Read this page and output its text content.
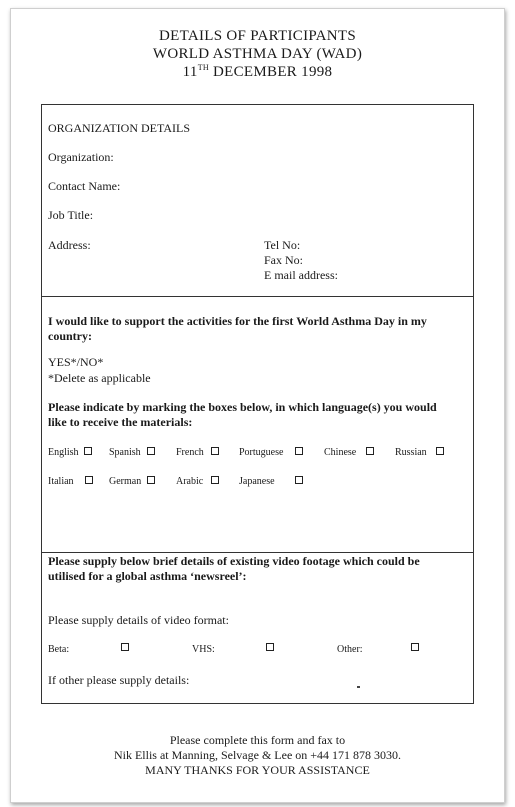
DETAILS OF PARTICIPANTS
WORLD ASTHMA DAY (WAD)
11TH DECEMBER 1998
ORGANIZATION DETAILS
Organization:
Contact Name:
Job Title:
Address:	Tel No:
Fax No:
E mail address:
I would like to support the activities for the first World Asthma Day in my
country:
YES*/NO*
*Delete as applicable
Please indicate by marking the boxes below, in which language(s) you would
like to receive the materials:
English	Spanish	French	Portuguese	Chinese	Russian
Italian	German	Arabic	Japanese
Please supply below brief details of existing video footage which could be
utilised for a global asthma ‘newsreel’:
Please supply details of video format:
Beta:	VHS:	Other:
If other please supply details:
Please complete this form and fax to
Nik Ellis at Manning, Selvage & Lee on +44 171 878 3030.
MANY THANKS FOR YOUR ASSISTANCE
